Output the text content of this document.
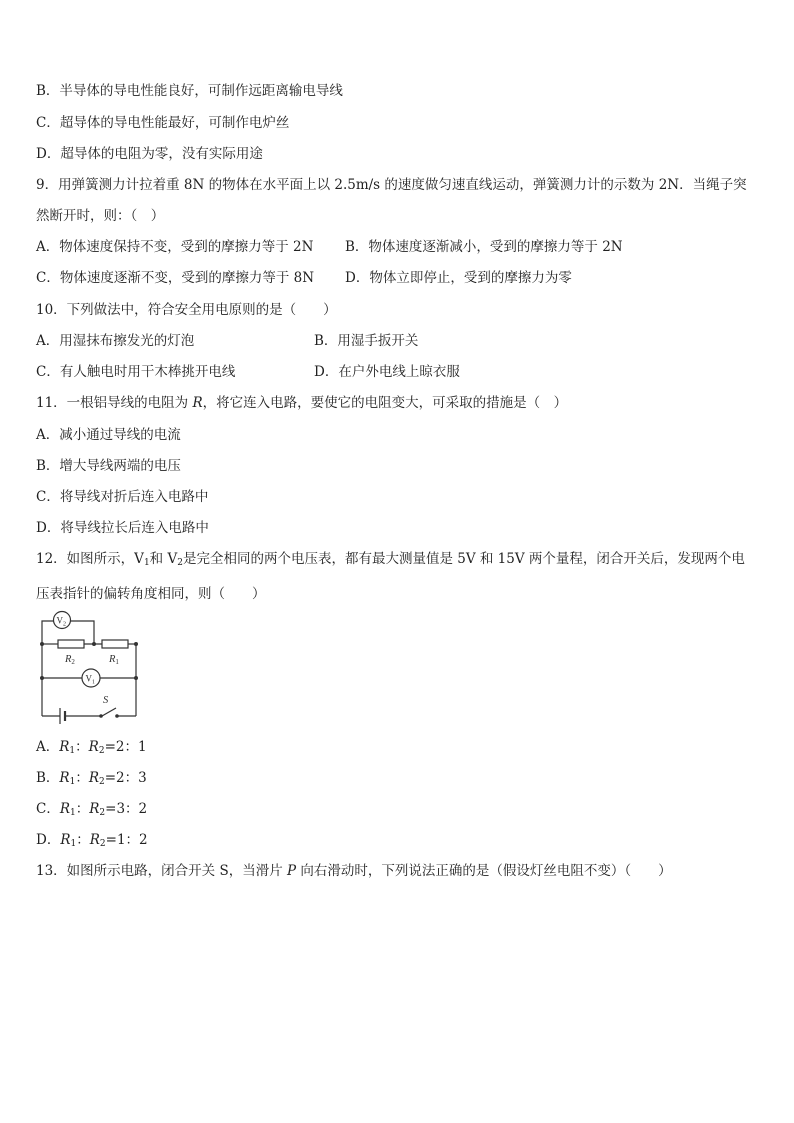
B．半导体的导电性能良好，可制作远距离输电导线
C．超导体的导电性能最好，可制作电炉丝
D．超导体的电阻为零，没有实际用途
9．用弹簧测力计拉着重 8N 的物体在水平面上以 2.5m/s 的速度做匀速直线运动，弹簧测力计的示数为 2N．当绳子突然断开时，则：（　）
A．物体速度保持不变，受到的摩擦力等于 2N B．物体速度逐渐减小，受到的摩擦力等于 2N
C．物体速度逐渐不变，受到的摩擦力等于 8N D．物体立即停止，受到的摩擦力为零
10．下列做法中，符合安全用电原则的是（　　）
A．用湿抹布擦发光的灯泡	B．用湿手扳开关
C．有人触电时用干木棒挑开电线	D．在户外电线上晾衣服
11．一根铝导线的电阻为 R，将它连入电路，要使它的电阻变大，可采取的措施是（　）
A．减小通过导线的电流
B．增大导线两端的电压
C．将导线对折后连入电路中
D．将导线拉长后连入电路中
12．如图所示，$V_1$和 $V_2$是完全相同的两个电压表，都有最大测量值是 5V 和 15V 两个量程，闭合开关后，发现两个电压表指针的偏转角度相同，则（　　）
$V_2$
$V_1$
R2	R1
S
A．$R_1$：$R_2=2$：1
B．$R_1$：$R_2=2$：3
C．$R_1$：$R_2=3$：2
D．$R_1$：$R_2=1$：2
13．如图所示电路，闭合开关 S，当滑片 P 向右滑动时，下列说法正确的是（假设灯丝电阻不变）（　　）
